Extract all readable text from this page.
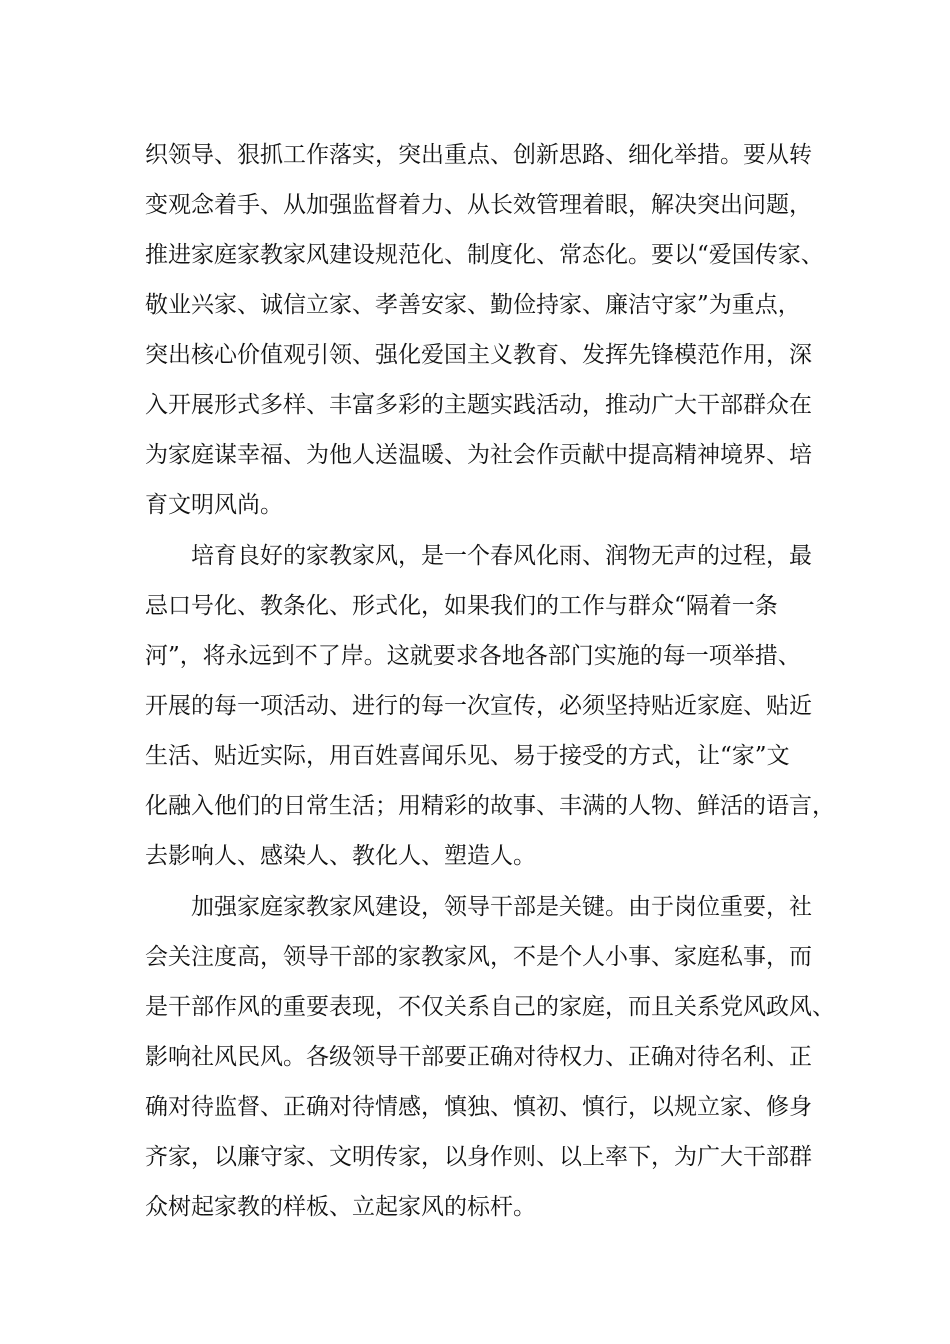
织领导、狠抓工作落实，突出重点、创新思路、细化举措。要从转
变观念着手、从加强监督着力、从长效管理着眼，解决突出问题，
推进家庭家教家风建设规范化、制度化、常态化。要以“爱国传家、
敬业兴家、诚信立家、孝善安家、勤俭持家、廉洁守家”为重点，
突出核心价值观引领、强化爱国主义教育、发挥先锋模范作用，深
入开展形式多样、丰富多彩的主题实践活动，推动广大干部群众在
为家庭谋幸福、为他人送温暖、为社会作贡献中提高精神境界、培
育文明风尚。
培育良好的家教家风，是一个春风化雨、润物无声的过程，最
忌口号化、教条化、形式化，如果我们的工作与群众“隔着一条
河”，将永远到不了岸。这就要求各地各部门实施的每一项举措、
开展的每一项活动、进行的每一次宣传，必须坚持贴近家庭、贴近
生活、贴近实际，用百姓喜闻乐见、易于接受的方式，让“家”文
化融入他们的日常生活；用精彩的故事、丰满的人物、鲜活的语言，
去影响人、感染人、教化人、塑造人。
加强家庭家教家风建设，领导干部是关键。由于岗位重要，社
会关注度高，领导干部的家教家风，不是个人小事、家庭私事，而
是干部作风的重要表现，不仅关系自己的家庭，而且关系党风政风、
影响社风民风。各级领导干部要正确对待权力、正确对待名利、正
确对待监督、正确对待情感，慎独、慎初、慎行，以规立家、修身
齐家，以廉守家、文明传家，以身作则、以上率下，为广大干部群
众树起家教的样板、立起家风的标杆。
